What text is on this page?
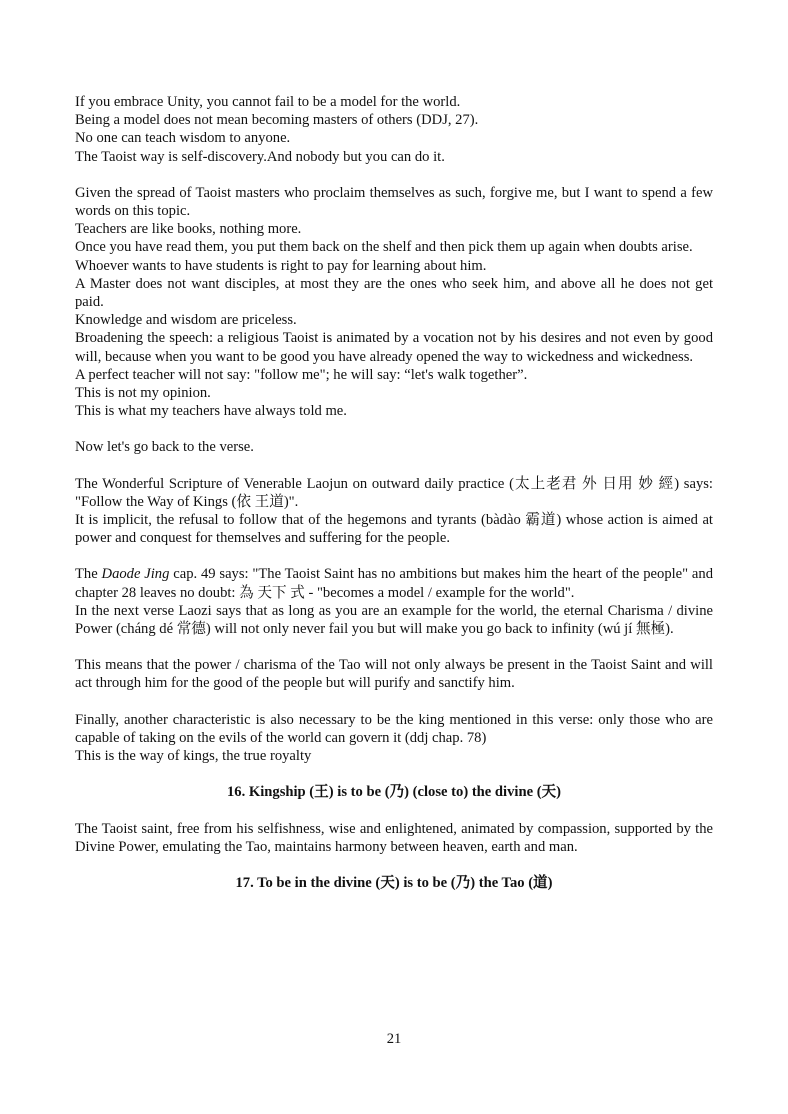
If you embrace Unity, you cannot fail to be a model for the world.
Being a model does not mean becoming masters of others (DDJ, 27).
No one can teach wisdom to anyone.
The Taoist way is self-discovery.And nobody but you can do it.
Given the spread of Taoist masters who proclaim themselves as such, forgive me, but I want to spend a few words on this topic.
Teachers are like books, nothing more.
Once you have read them, you put them back on the shelf and then pick them up again when doubts arise.
Whoever wants to have students is right to pay for learning about him.
A Master does not want disciples, at most they are the ones who seek him, and above all he does not get paid.
Knowledge and wisdom are priceless.
Broadening the speech: a religious Taoist is animated by a vocation not by his desires and not even by good will, because when you want to be good you have already opened the way to wickedness and wickedness.
A perfect teacher will not say: "follow me"; he will say: “let's walk together”.
This is not my opinion.
This is what my teachers have always told me.
Now let's go back to the verse.
The Wonderful Scripture of Venerable Laojun on outward daily practice (太上老君 外 日用 妙 經) says: "Follow the Way of Kings (依 王道)".
It is implicit, the refusal to follow that of the hegemons and tyrants (bàdào 霸道) whose action is aimed at power and conquest for themselves and suffering for the people.
The Daode Jing cap. 49 says: "The Taoist Saint has no ambitions but makes him the heart of the people" and chapter 28 leaves no doubt: 為 天下 式 - "becomes a model / example for the world".
In the next verse Laozi says that as long as you are an example for the world, the eternal Charisma / divine Power (cháng dé 常德) will not only never fail you but will make you go back to infinity (wú jí 無極).
This means that the power / charisma of the Tao will not only always be present in the Taoist Saint and will act through him for the good of the people but will purify and sanctify him.
Finally, another characteristic is also necessary to be the king mentioned in this verse: only those who are capable of taking on the evils of the world can govern it (ddj chap. 78)
This is the way of kings, the true royalty
16. Kingship (王) is to be (乃) (close to) the divine (天)
The Taoist saint, free from his selfishness, wise and enlightened, animated by compassion, supported by the Divine Power, emulating the Tao, maintains harmony between heaven, earth and man.
17. To be in the divine (天) is to be (乃) the Tao (道)
21
